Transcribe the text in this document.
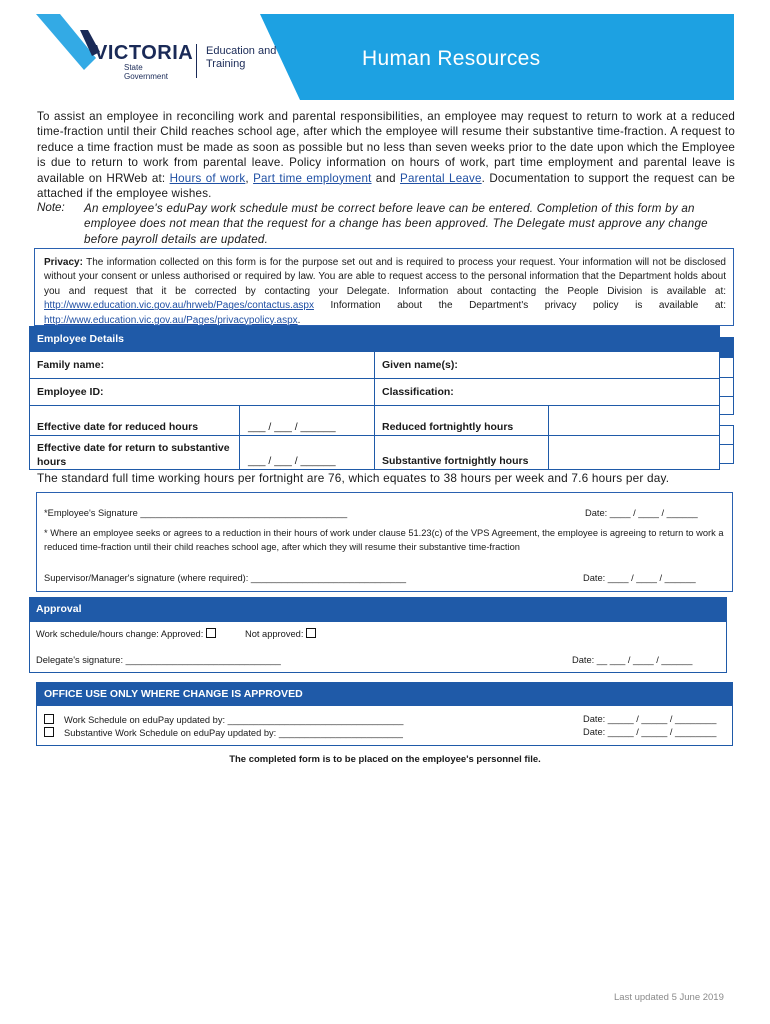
VICTORIA
State Government
Education and Training	Human Resources
To assist an employee in reconciling work and parental responsibilities, an employee may request to return to work at a reduced time-fraction until their Child reaches school age, after which the employee will resume their substantive time-fraction. A request to reduce a time fraction must be made as soon as possible but no less than seven weeks prior to the date upon which the Employee is due to return to work from parental leave. Policy information on hours of work, part time employment and parental leave is available on HRWeb at: Hours of work, Part time employment and Parental Leave. Documentation to support the request can be attached if the employee wishes.
Note: An employee's eduPay work schedule must be correct before leave can be entered. Completion of this form by an employee does not mean that the request for a change has been approved. The Delegate must approve any change before payroll details are updated.
Privacy: The information collected on this form is for the purpose set out and is required to process your request. Your information will not be disclosed without your consent or unless authorised or required by law. You are able to request access to the personal information that the Department holds about you and request that it be corrected by contacting your Delegate. Information about contacting the People Division is available at: http://www.education.vic.gov.au/hrweb/Pages/contactus.aspx Information about the Department's privacy policy is available at: http://www.education.vic.gov.au/Pages/privacypolicy.aspx.
Employee Details
Family name:	Given name(s):
Employee ID:	Classification:
Effective date for reduced hours	___ / ___ / ______	Reduced fortnightly hours
Effective date for return to substantive hours	___ / ___ / ______	Substantive fortnightly hours
The standard full time working hours per fortnight are 76, which equates to 38 hours per week and 7.6 hours per day.
*Employee's Signature ________________________________________	Date: ____ / ____ / ______
* Where an employee seeks or agrees to a reduction in their hours of work under clause 51.23(c) of the VPS Agreement, the employee is agreeing to return to work a reduced time-fraction until their child reaches school age, after which they will resume their substantive time-fraction
Supervisor/Manager's signature (where required): ______________________________	Date: ____ / ____ / ______
Approval
Work schedule/hours change: Approved:	Not approved:
Delegate's signature: ______________________________	Date: __ ___ / ____ / ______
OFFICE USE ONLY WHERE CHANGE IS APPROVED
Work Schedule on eduPay updated by: __________________________________	Date: _____ / _____ / ________
Substantive Work Schedule on eduPay updated by: ________________________	Date: _____ / _____ / ________
The completed form is to be placed on the employee's personnel file.
Last updated 5 June 2019
